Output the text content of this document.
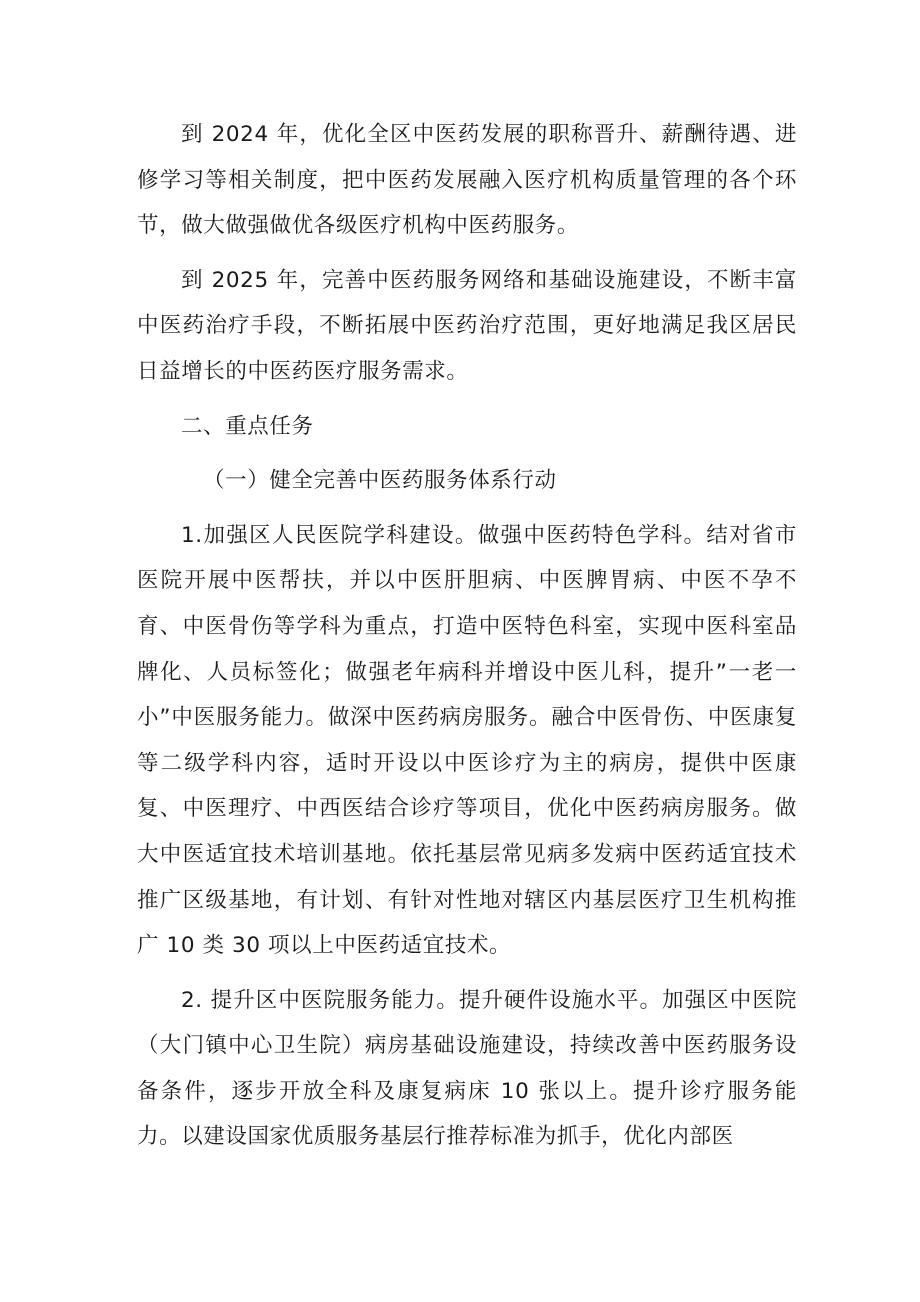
到 2024 年，优化全区中医药发展的职称晋升、薪酬待遇、进修学习等相关制度，把中医药发展融入医疗机构质量管理的各个环节，做大做强做优各级医疗机构中医药服务。

到 2025 年，完善中医药服务网络和基础设施建设，不断丰富中医药治疗手段，不断拓展中医药治疗范围，更好地满足我区居民日益增长的中医药医疗服务需求。

二、重点任务

（一）健全完善中医药服务体系行动

1.加强区人民医院学科建设。做强中医药特色学科。结对省市医院开展中医帮扶，并以中医肝胆病、中医脾胃病、中医不孕不育、中医骨伤等学科为重点，打造中医特色科室，实现中医科室品牌化、人员标签化；做强老年病科并增设中医儿科，提升”一老一小”中医服务能力。做深中医药病房服务。融合中医骨伤、中医康复等二级学科内容，适时开设以中医诊疗为主的病房，提供中医康复、中医理疗、中西医结合诊疗等项目，优化中医药病房服务。做大中医适宜技术培训基地。依托基层常见病多发病中医药适宜技术推广区级基地，有计划、有针对性地对辖区内基层医疗卫生机构推广 10 类 30 项以上中医药适宜技术。

2. 提升区中医院服务能力。提升硬件设施水平。加强区中医院（大门镇中心卫生院）病房基础设施建设，持续改善中医药服务设备条件，逐步开放全科及康复病床 10 张以上。提升诊疗服务能力。以建设国家优质服务基层行推荐标准为抓手，优化内部医
